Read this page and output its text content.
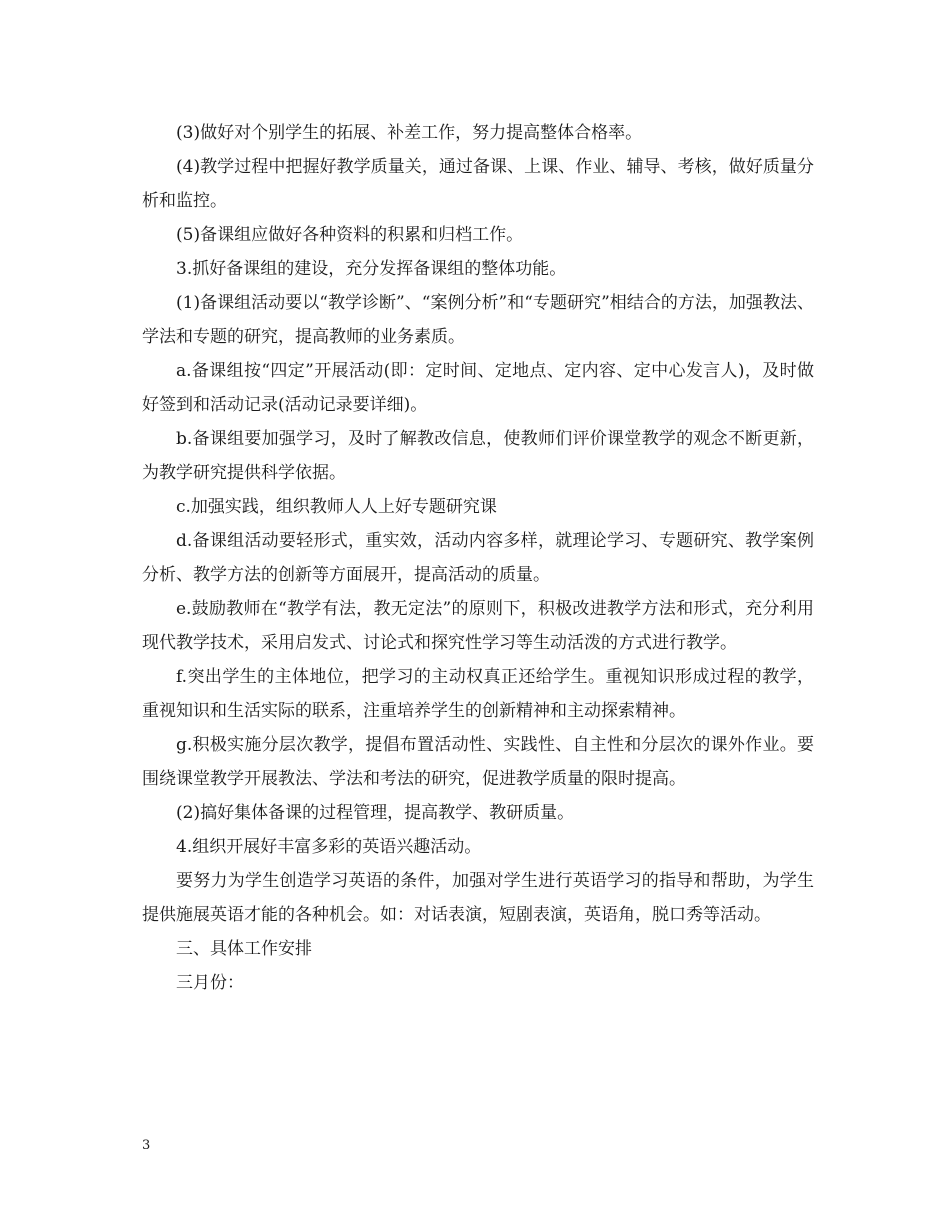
(3)做好对个别学生的拓展、补差工作，努力提高整体合格率。

(4)教学过程中把握好教学质量关，通过备课、上课、作业、辅导、考核，做好质量分析和监控。

(5)备课组应做好各种资料的积累和归档工作。

3.抓好备课组的建设，充分发挥备课组的整体功能。

(1)备课组活动要以“教学诊断”、“案例分析”和“专题研究”相结合的方法，加强教法、学法和专题的研究，提高教师的业务素质。

a.备课组按“四定”开展活动(即：定时间、定地点、定内容、定中心发言人)，及时做好签到和活动记录(活动记录要详细)。

b.备课组要加强学习，及时了解教改信息，使教师们评价课堂教学的观念不断更新，为教学研究提供科学依据。

c.加强实践，组织教师人人上好专题研究课

d.备课组活动要轻形式，重实效，活动内容多样，就理论学习、专题研究、教学案例分析、教学方法的创新等方面展开，提高活动的质量。

e.鼓励教师在“教学有法，教无定法”的原则下，积极改进教学方法和形式，充分利用现代教学技术，采用启发式、讨论式和探究性学习等生动活泼的方式进行教学。

f.突出学生的主体地位，把学习的主动权真正还给学生。重视知识形成过程的教学，重视知识和生活实际的联系，注重培养学生的创新精神和主动探索精神。

g.积极实施分层次教学，提倡布置活动性、实践性、自主性和分层次的课外作业。要围绕课堂教学开展教法、学法和考法的研究，促进教学质量的限时提高。

(2)搞好集体备课的过程管理，提高教学、教研质量。

4.组织开展好丰富多彩的英语兴趣活动。

要努力为学生创造学习英语的条件，加强对学生进行英语学习的指导和帮助，为学生提供施展英语才能的各种机会。如：对话表演，短剧表演，英语角，脱口秀等活动。

三、具体工作安排

三月份：

3
